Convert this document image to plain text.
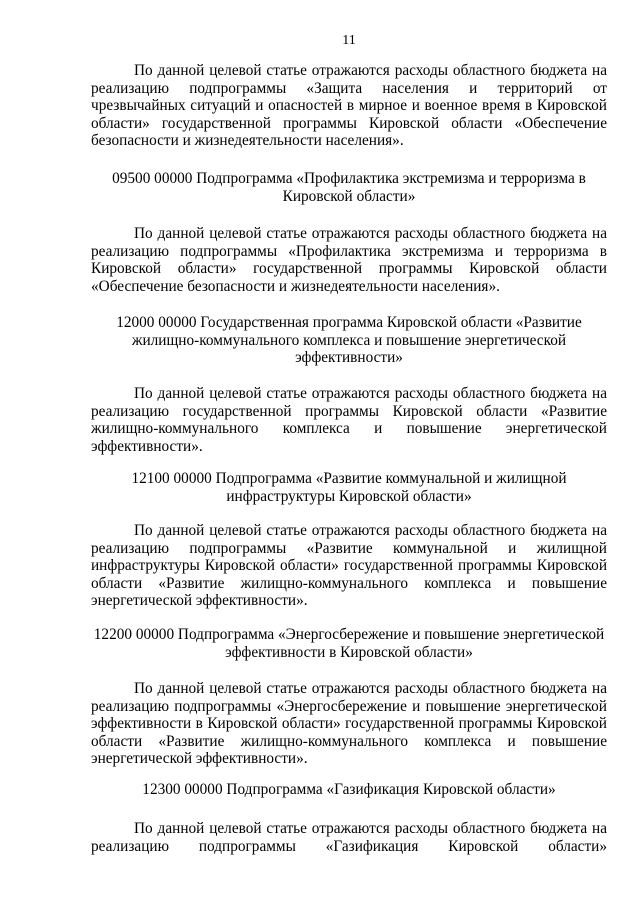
11
По данной целевой статье отражаются расходы областного бюджета на реализацию подпрограммы «Защита населения и территорий от чрезвычайных ситуаций и опасностей в мирное и военное время в Кировской области» государственной программы Кировской области «Обеспечение безопасности и жизнедеятельности населения».
09500 00000 Подпрограмма «Профилактика экстремизма и терроризма в Кировской области»
По данной целевой статье отражаются расходы областного бюджета на реализацию подпрограммы «Профилактика экстремизма и терроризма в Кировской области» государственной программы Кировской области «Обеспечение безопасности и жизнедеятельности населения».
12000 00000 Государственная программа Кировской области «Развитие жилищно-коммунального комплекса и повышение энергетической эффективности»
По данной целевой статье отражаются расходы областного бюджета на реализацию государственной программы Кировской области «Развитие жилищно-коммунального комплекса и повышение энергетической эффективности».
12100 00000 Подпрограмма «Развитие коммунальной и жилищной инфраструктуры Кировской области»
По данной целевой статье отражаются расходы областного бюджета на реализацию подпрограммы «Развитие коммунальной и жилищной инфраструктуры Кировской области» государственной программы Кировской области «Развитие жилищно-коммунального комплекса и повышение энергетической эффективности».
12200 00000 Подпрограмма «Энергосбережение и повышение энергетической эффективности в Кировской области»
По данной целевой статье отражаются расходы областного бюджета на реализацию подпрограммы «Энергосбережение и повышение энергетической эффективности в Кировской области» государственной программы Кировской области «Развитие жилищно-коммунального комплекса и повышение энергетической эффективности».
12300 00000 Подпрограмма «Газификация Кировской области»
По данной целевой статье отражаются расходы областного бюджета на реализацию подпрограммы «Газификация Кировской области»
